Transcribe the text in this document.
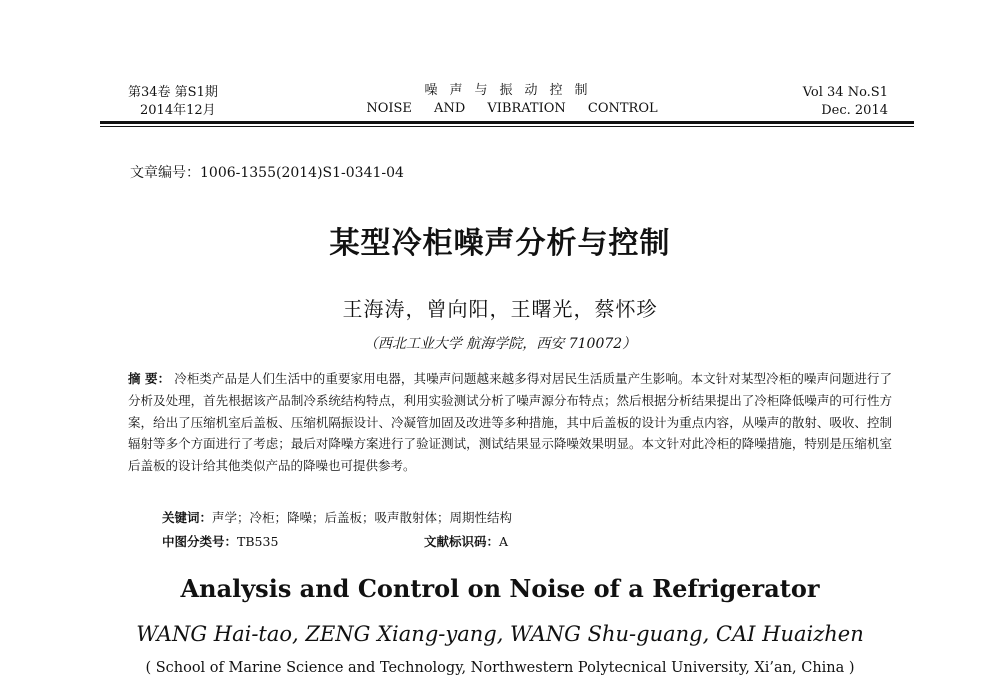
第34卷 第S1期
2014年12月
噪声与振动控制
NOISE AND VIBRATION CONTROL
Vol 34 No.S1
Dec. 2014
文章编号：1006-1355(2014)S1-0341-04
某型冷柜噪声分析与控制
王海涛，曾向阳，王曙光，蔡怀珍
（西北工业大学 航海学院，西安 710072）

摘 要： 冷柜类产品是人们生活中的重要家用电器，其噪声问题越来越多得对居民生活质量产生影响。本文针对某型冷柜的噪声问题进行了分析及处理，首先根据该产品制冷系统结构特点，利用实验测试分析了噪声源分布特点；然后根据分析结果提出了冷柜降低噪声的可行性方案，给出了压缩机室后盖板、压缩机隔振设计、冷凝管加固及改进等多种措施，其中后盖板的设计为重点内容，从噪声的散射、吸收、控制辐射等多个方面进行了考虑；最后对降噪方案进行了验证测试，测试结果显示降噪效果明显。本文针对此冷柜的降噪措施，特别是压缩机室后盖板的设计给其他类似产品的降噪也可提供参考。

关键词：声学；冷柜；降噪；后盖板；吸声散射体；周期性结构
中图分类号：TB535	文献标识码：A
Analysis and Control on Noise of a Refrigerator
WANG Hai-tao, ZENG Xiang-yang, WANG Shu-guang, CAI Huaizhen
( School of Marine Science and Technology, Northwestern Polytecnical University, Xi’an, China )
